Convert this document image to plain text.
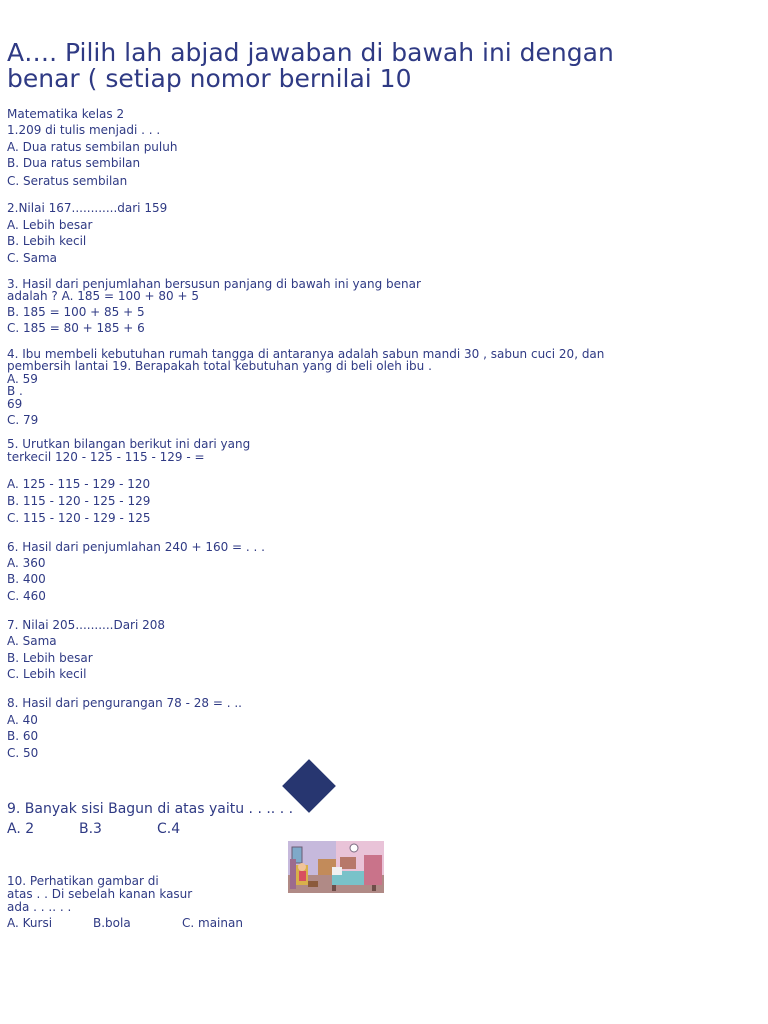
A…. Pilih lah abjad jawaban di bawah ini dengan
benar ( setiap nomor bernilai 10
Matematika kelas 2
1.209 di tulis menjadi . . .
A. Dua ratus sembilan puluh
B. Dua ratus sembilan
C. Seratus sembilan
2.Nilai 167............dari 159
A. Lebih besar
B. Lebih kecil
C. Sama
3. Hasil dari penjumlahan bersusun panjang di bawah ini yang benar
adalah ? A. 185 = 100 + 80 + 5
B. 185 = 100 + 85 + 5
C. 185 = 80 + 185 + 6
4. Ibu membeli kebutuhan rumah tangga di antaranya adalah sabun mandi 30 , sabun cuci 20, dan
pembersih lantai 19. Berapakah total kebutuhan yang di beli oleh ibu .
A. 59
B .
69
C. 79
5. Urutkan bilangan berikut ini dari yang
terkecil 120 - 125 - 115 - 129 - =
A. 125 - 115 - 129 - 120
B. 115 - 120 - 125 - 129
C. 115 - 120 - 129 - 125
6. Hasil dari penjumlahan 240 + 160 = . . .
A. 360
B. 400
C. 460
7. Nilai 205..........Dari 208
A. Sama
B. Lebih besar
C. Lebih kecil
8. Hasil dari pengurangan 78 - 28 = . ..
A. 40
B. 60
C. 50
9. Banyak sisi Bagun di atas yaitu . . .. . .
A. 2	B.3	C.4
10. Perhatikan gambar di
atas . . Di sebelah kanan kasur
ada . . .. . .
A. Kursi	B.bola	C. mainan
